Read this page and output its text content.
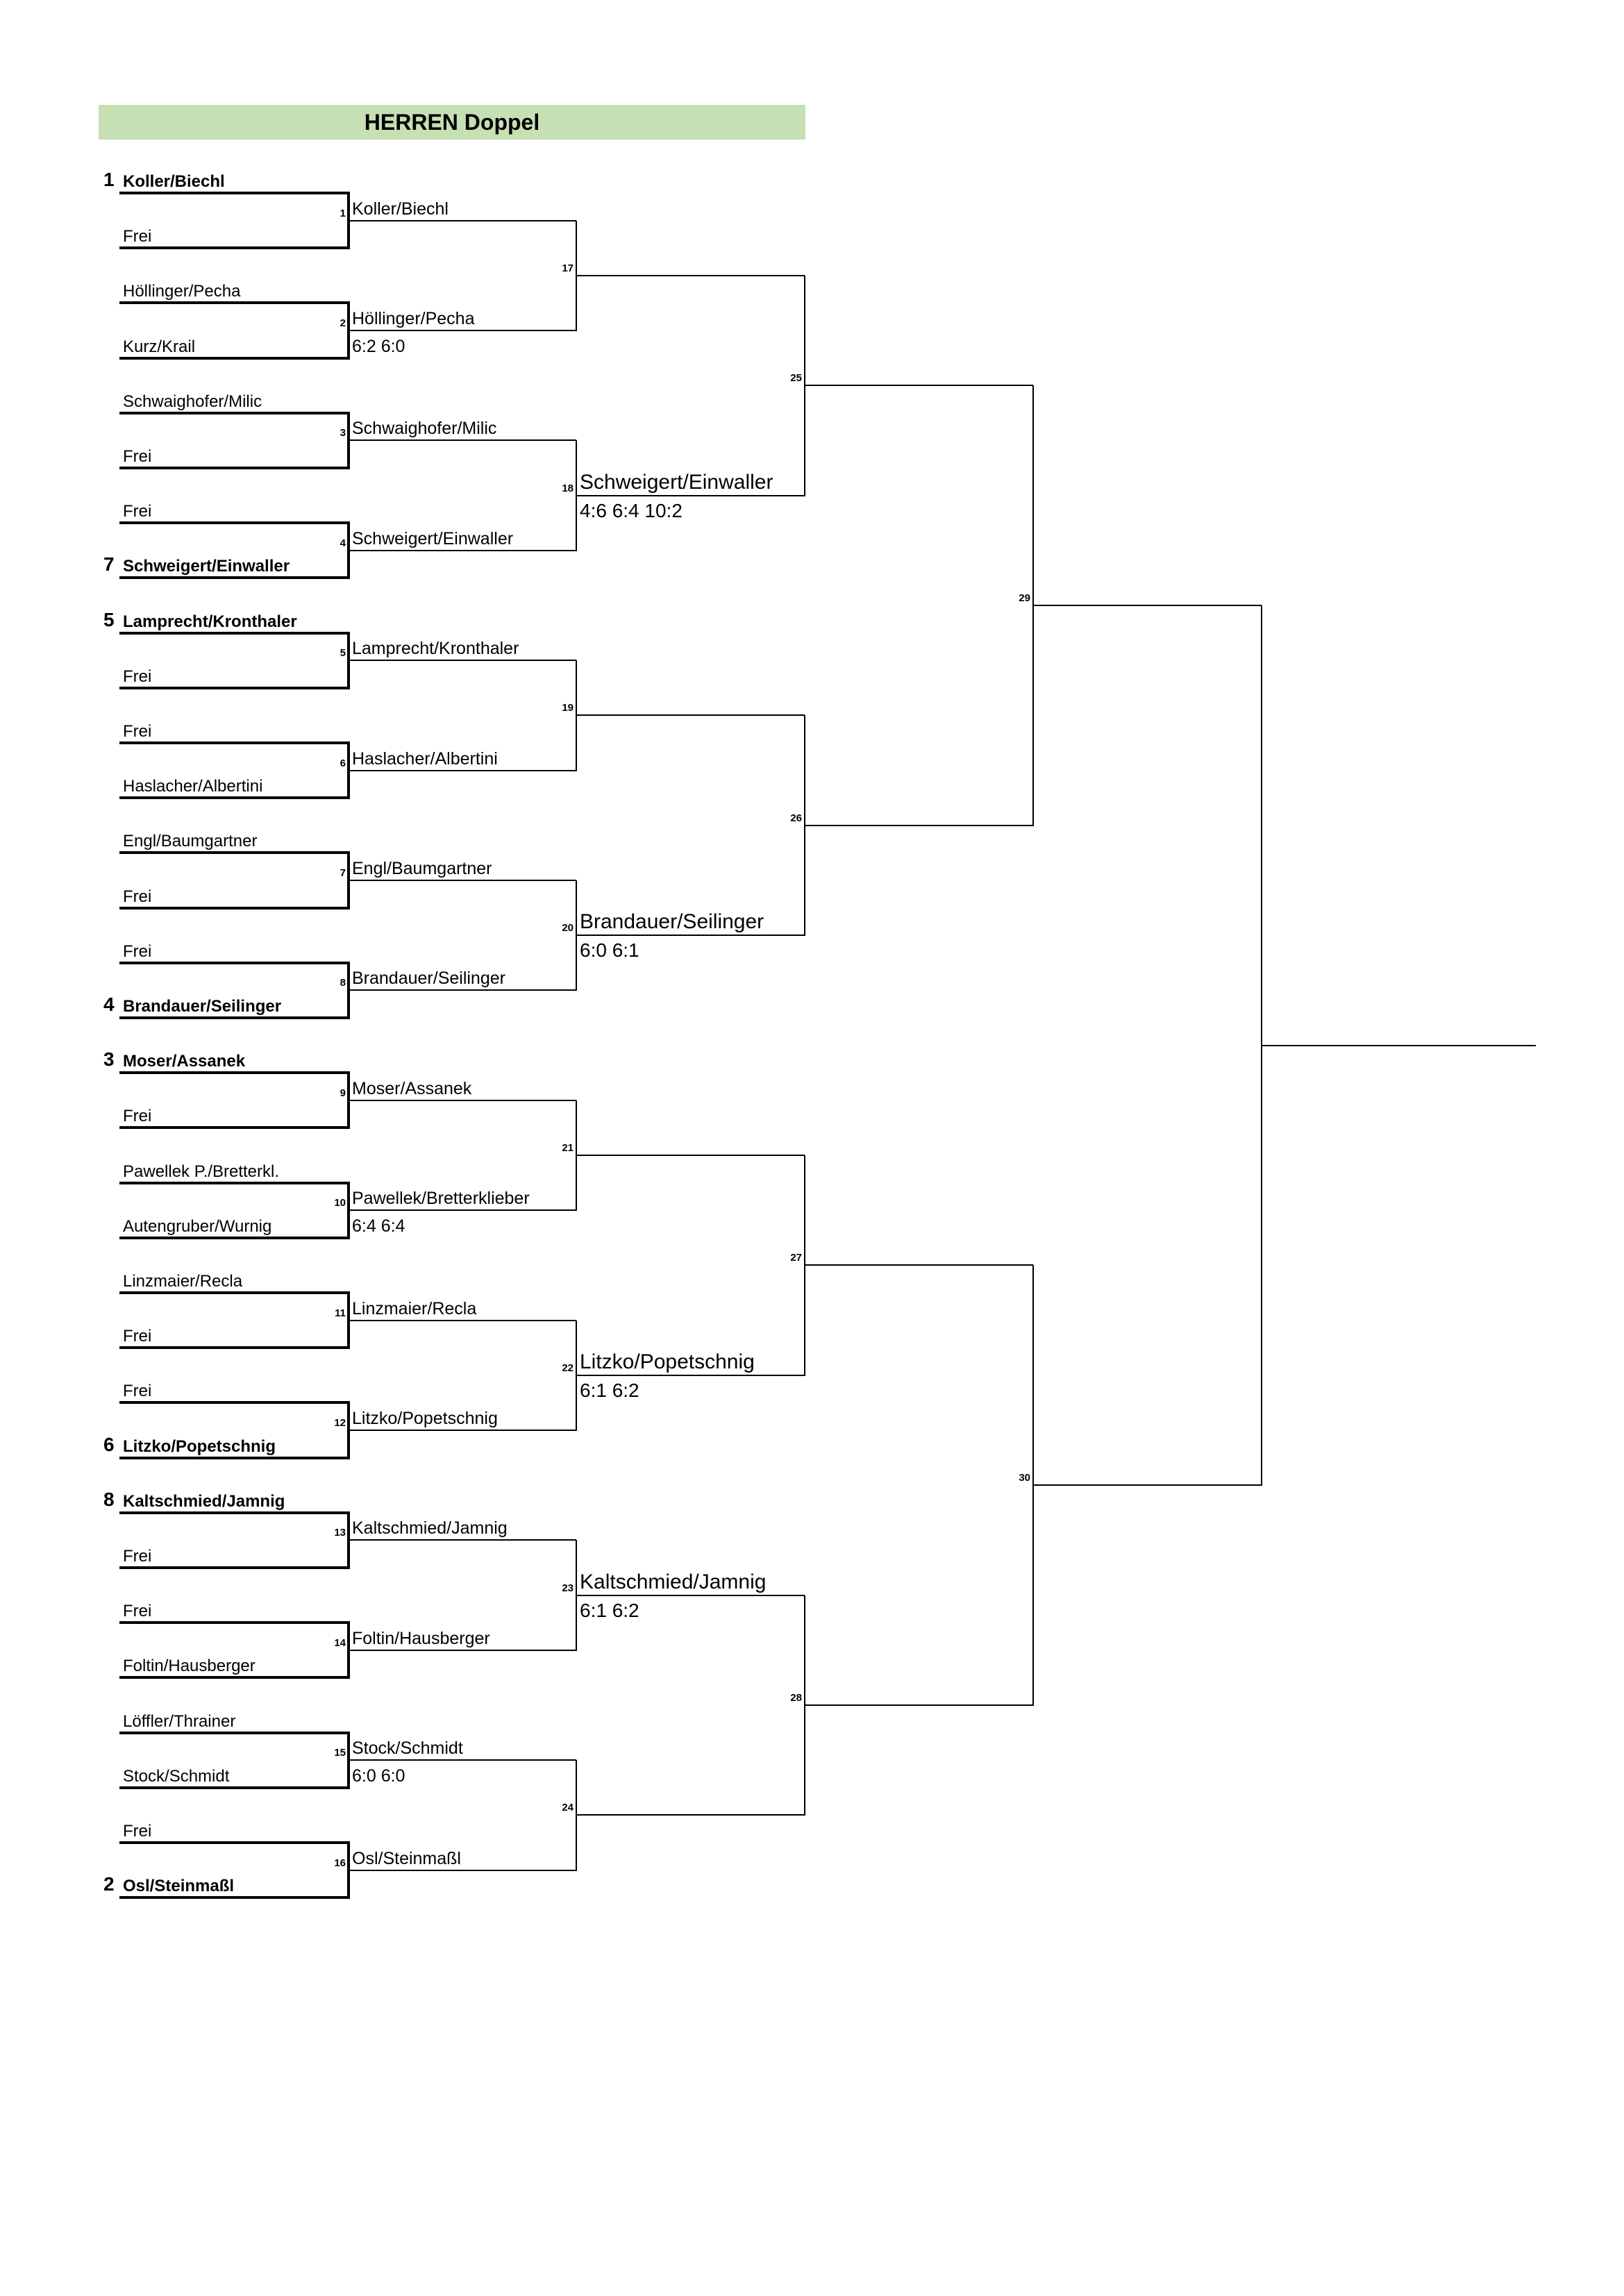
HERREN Doppel
1 Koller/Biechl
Frei
Höllinger/Pecha
Kurz/Krail
Schwaighofer/Milic
Frei
Frei
7 Schweigert/Einwaller
5 Lamprecht/Kronthaler
Frei
Frei
Haslacher/Albertini
Engl/Baumgartner
Frei
Frei
4 Brandauer/Seilinger
3 Moser/Assanek
Frei
Pawellek P./Bretterkl.
Autengruber/Wurnig
Linzmaier/Recla
Frei
Frei
6 Litzko/Popetschnig
8 Kaltschmied/Jamnig
Frei
Frei
Foltin/Hausberger
Löffler/Thrainer
Stock/Schmidt
Frei
2 Osl/Steinmaßl
1 Koller/Biechl
2 Höllinger/Pecha
6:2 6:0
3 Schwaighofer/Milic
4 Schweigert/Einwaller
5 Lamprecht/Kronthaler
6 Haslacher/Albertini
7 Engl/Baumgartner
8 Brandauer/Seilinger
9 Moser/Assanek
10 Pawellek/Bretterklieber
6:4 6:4
11 Linzmaier/Recla
12 Litzko/Popetschnig
13 Kaltschmied/Jamnig
14 Foltin/Hausberger
15 Stock/Schmidt
6:0 6:0
16 Osl/Steinmaßl
17
18 Schweigert/Einwaller
4:6 6:4 10:2
19
20 Brandauer/Seilinger
6:0 6:1
21
22 Litzko/Popetschnig
6:1 6:2
23 Kaltschmied/Jamnig
6:1 6:2
24
25
26
27
28
29
30
